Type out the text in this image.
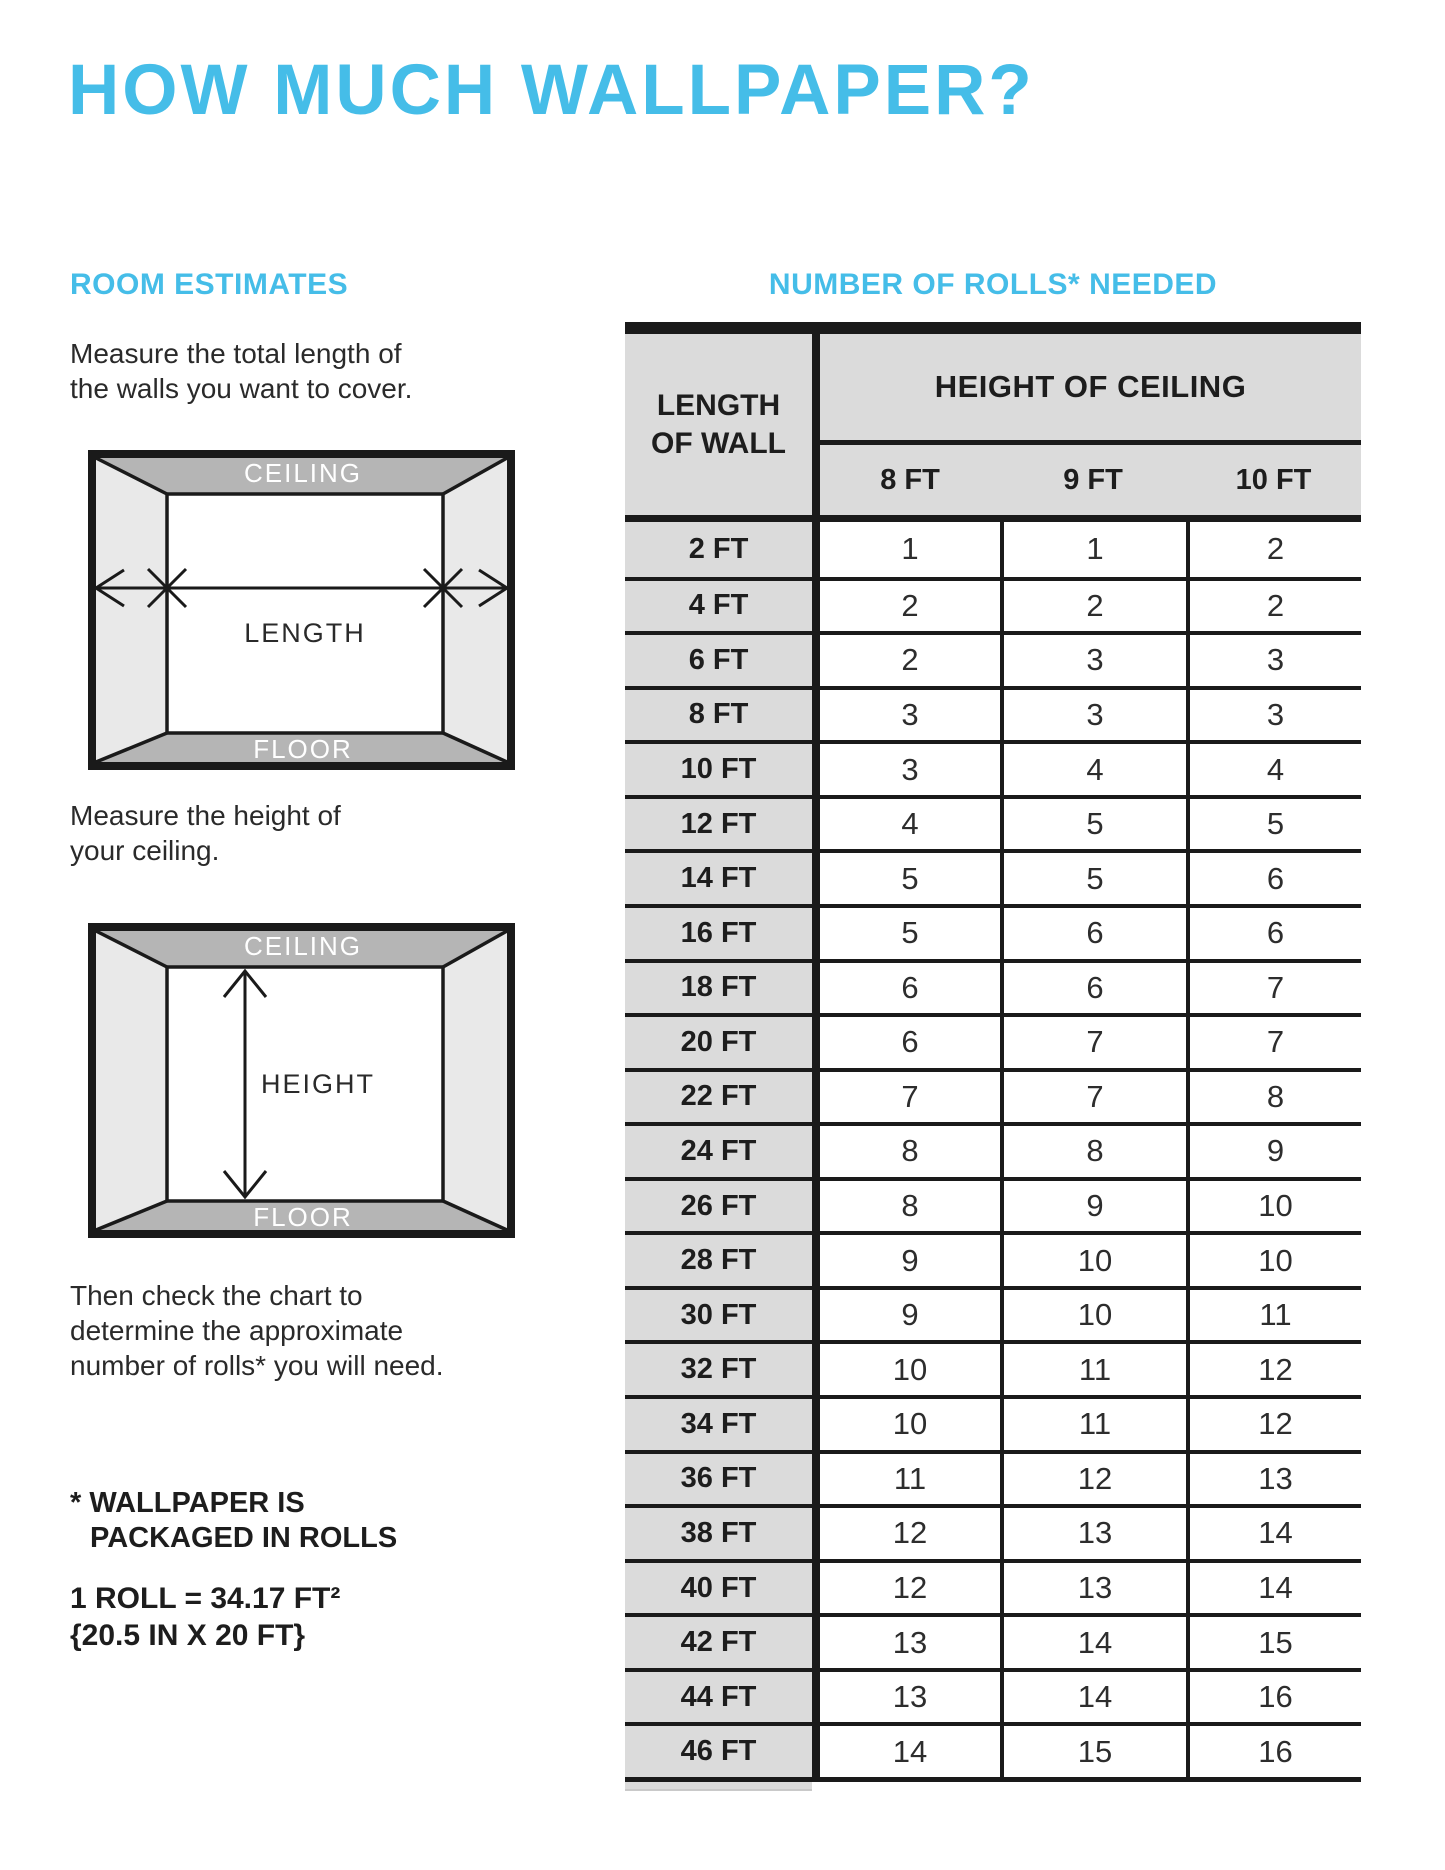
HOW MUCH WALLPAPER?
ROOM ESTIMATES	NUMBER OF ROLLS* NEEDED
Measure the total length of
the walls you want to cover.
CEILING
FLOOR
LENGTH
Measure the height of
your ceiling.
CEILING
FLOOR
HEIGHT
Then check the chart to
determine the approximate
number of rolls* you will need.
* WALLPAPER IS
PACKAGED IN ROLLS
1 ROLL = 34.17 FT²
{20.5 IN X 20 FT}
LENGTH
OF WALL
HEIGHT OF CEILING
8 FT	9 FT	10 FT
2 FT	1	1	2
4 FT	2	2	2
6 FT	2	3	3
8 FT	3	3	3
10 FT	3	4	4
12 FT	4	5	5
14 FT	5	5	6
16 FT	5	6	6
18 FT	6	6	7
20 FT	6	7	7
22 FT	7	7	8
24 FT	8	8	9
26 FT	8	9	10
28 FT	9	10	10
30 FT	9	10	11
32 FT	10	11	12
34 FT	10	11	12
36 FT	11	12	13
38 FT	12	13	14
40 FT	12	13	14
42 FT	13	14	15
44 FT	13	14	16
46 FT	14	15	16
